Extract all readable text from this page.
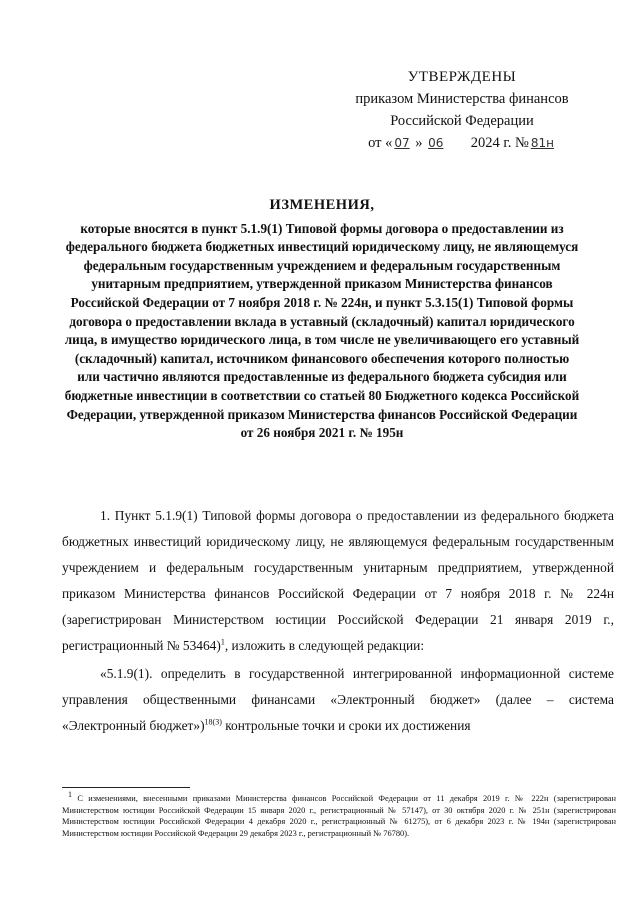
УТВЕРЖДЕНЫ
приказом Министерства финансов
Российской Федерации
от « 07 » 06 2024 г. № 81н
ИЗМЕНЕНИЯ,
которые вносятся в пункт 5.1.9(1) Типовой формы договора о предоставлении из федерального бюджета бюджетных инвестиций юридическому лицу, не являющемуся федеральным государственным учреждением и федеральным государственным унитарным предприятием, утвержденной приказом Министерства финансов Российской Федерации от 7 ноября 2018 г. № 224н, и пункт 5.3.15(1) Типовой формы договора о предоставлении вклада в уставный (складочный) капитал юридического лица, в имущество юридического лица, в том числе не увеличивающего его уставный (складочный) капитал, источником финансового обеспечения которого полностью или частично являются предоставленные из федерального бюджета субсидия или бюджетные инвестиции в соответствии со статьей 80 Бюджетного кодекса Российской Федерации, утвержденной приказом Министерства финансов Российской Федерации от 26 ноября 2021 г. № 195н

1. Пункт 5.1.9(1) Типовой формы договора о предоставлении из федерального бюджета бюджетных инвестиций юридическому лицу, не являющемуся федеральным государственным учреждением и федеральным государственным унитарным предприятием, утвержденной приказом Министерства финансов Российской Федерации от 7 ноября 2018 г. № 224н (зарегистрирован Министерством юстиции Российской Федерации 21 января 2019 г., регистрационный № 53464)$^1$, изложить в следующей редакции:

«5.1.9(1). определить в государственной интегрированной информационной системе управления общественными финансами «Электронный бюджет» (далее – система «Электронный бюджет»)$^{18(3)}$ контрольные точки и сроки их достижения

$^1$ С изменениями, внесенными приказами Министерства финансов Российской Федерации от 11 декабря 2019 г. № 222н (зарегистрирован Министерством юстиции Российской Федерации 15 января 2020 г., регистрационный № 57147), от 30 октября 2020 г. № 251н (зарегистрирован Министерством юстиции Российской Федерации 4 декабря 2020 г., регистрационный № 61275), от 6 декабря 2023 г. № 194н (зарегистрирован Министерством юстиции Российской Федерации 29 декабря 2023 г., регистрационный № 76780).
